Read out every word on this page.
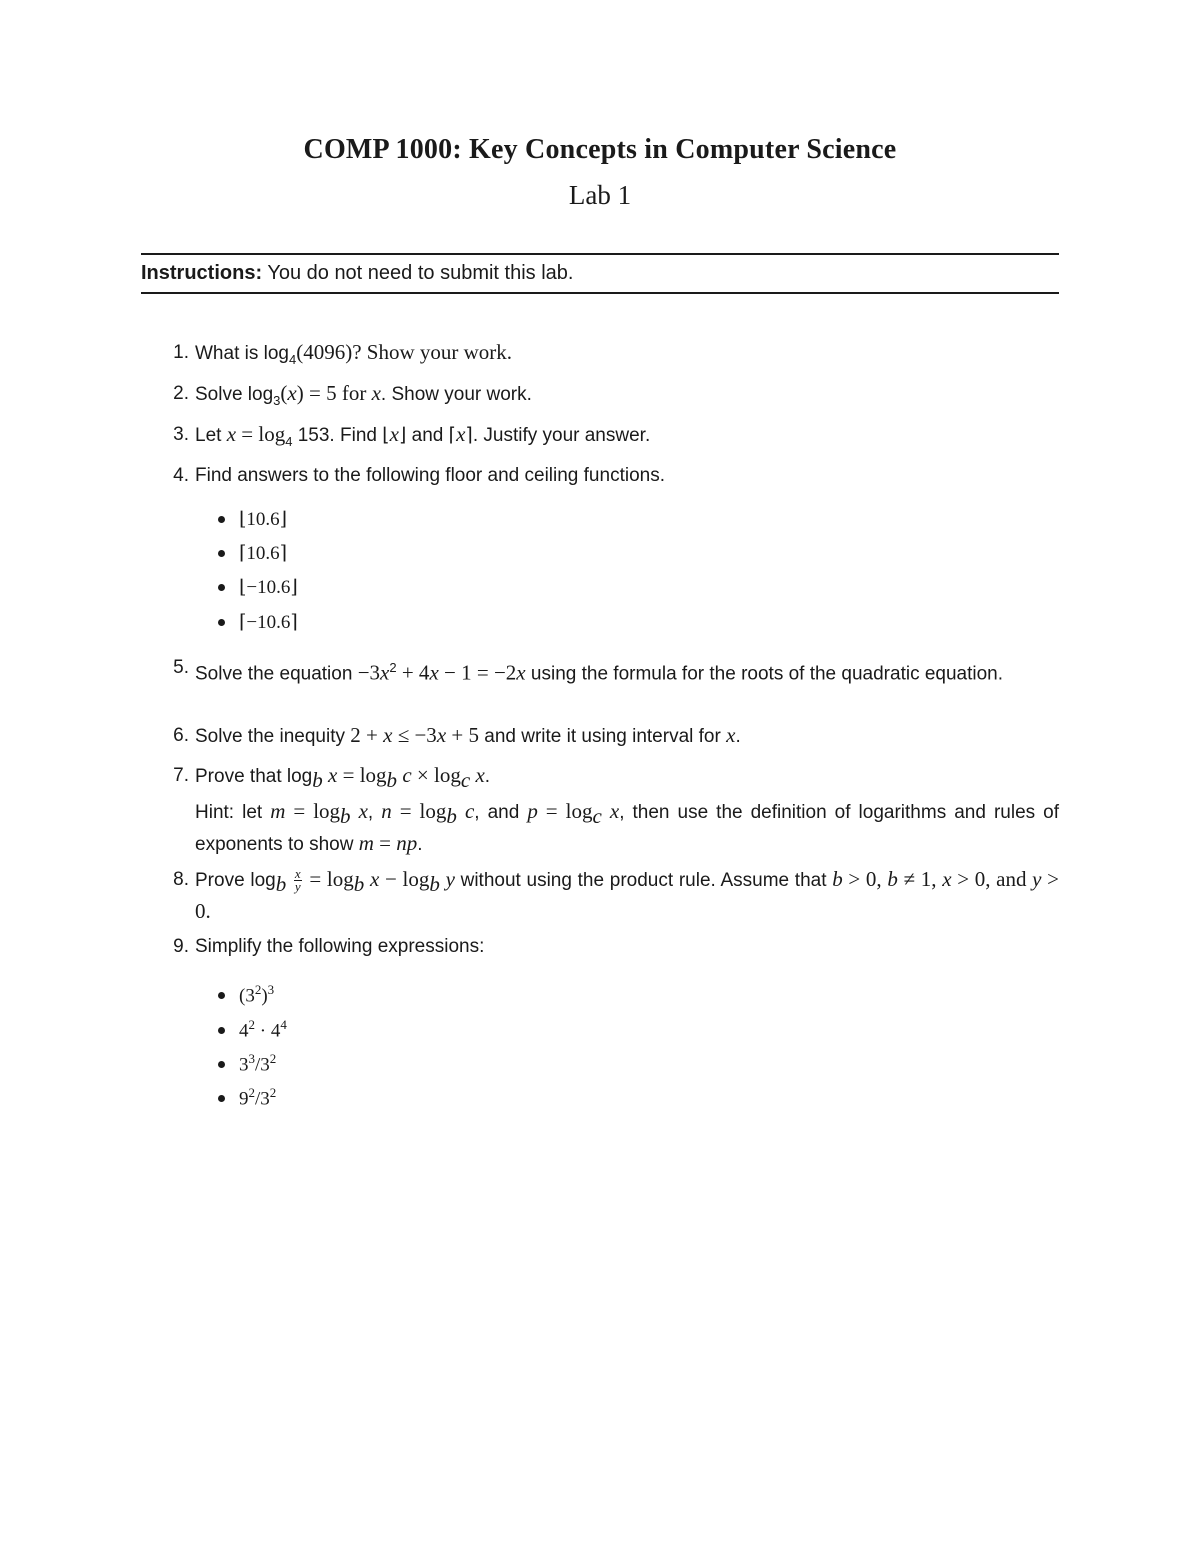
COMP 1000: Key Concepts in Computer Science
Lab 1
Instructions: You do not need to submit this lab.
1. What is $\log_4(4096)$? Show your work.
2. Solve $\log_3(x) = 5$ for x. Show your work.
3. Let $x = \log_4 153$. Find ⌊x⌋ and ⌈x⌉. Justify your answer.
4. Find answers to the following floor and ceiling functions.
⌊10.6⌋
⌈10.6⌉
⌊−10.6⌋
⌈−10.6⌉
5. Solve the equation $-3x^2 + 4x - 1 = -2x$ using the formula for the roots of the quadratic equation.
6. Solve the inequity 2 + x ≤ −3x + 5 and write it using interval for x.
7. Prove that $\log_b x = \log_b c \times \log_c x$.
Hint: let $m = \log_b x$, $n = \log_b c$, and $p = \log_c x$, then use the definition of logarithms and rules of exponents to show m = np.
8. Prove $\log_b \frac{x}{y} = \log_b x - \log_b y$ without using the product rule. Assume that b > 0, b ≠ 1, x > 0, and y > 0.
9. Simplify the following expressions:
$(3^2)^3$
$4^2 \cdot 4^4$
$3^3/3^2$
$9^2/3^2$
